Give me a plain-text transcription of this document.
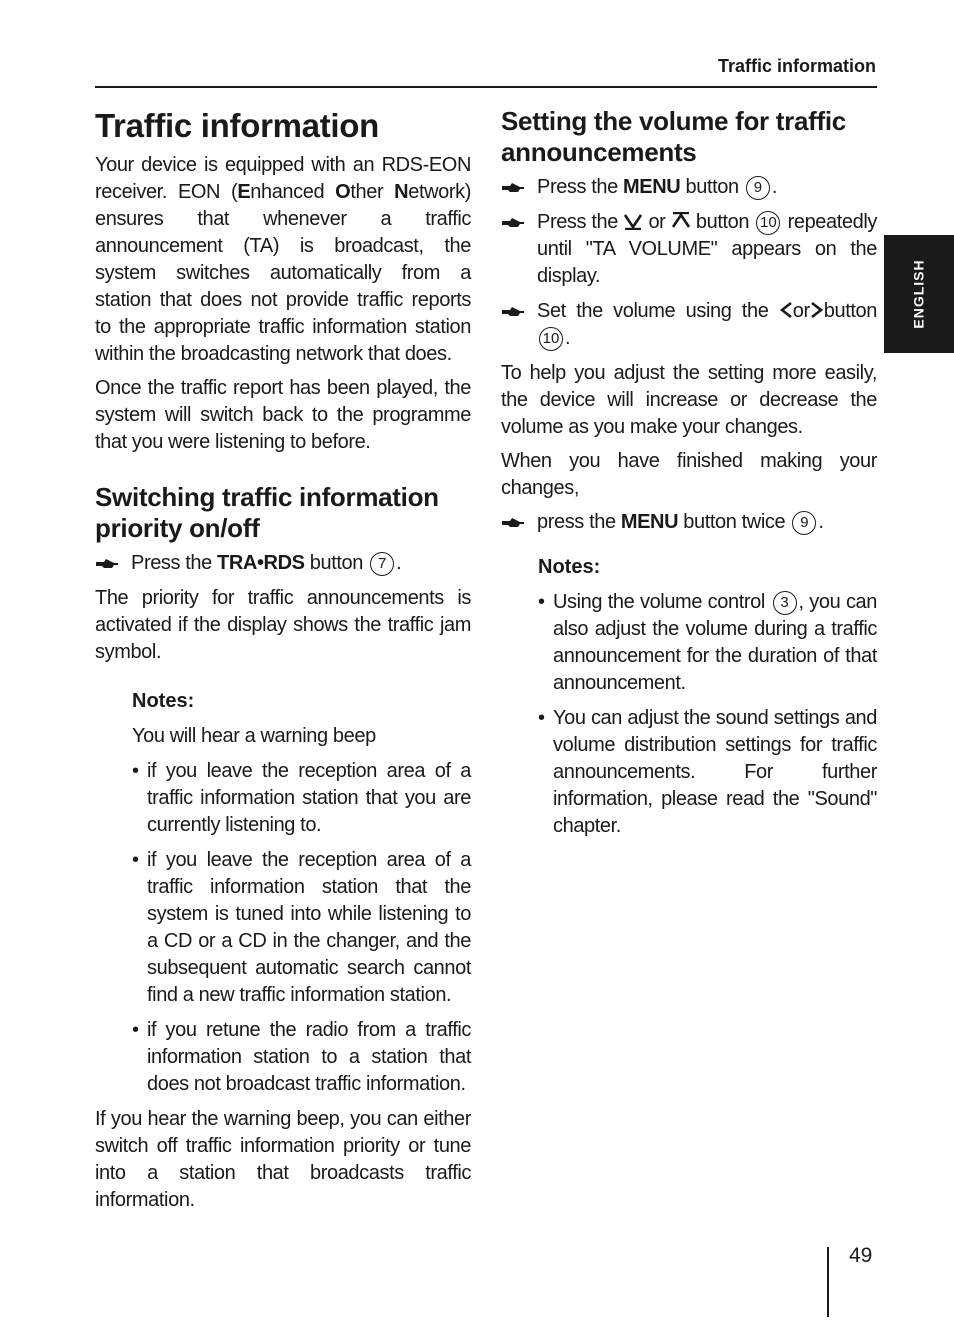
Traffic information
Traffic information

Your device is equipped with an RDS-EON receiver. EON (Enhanced Other Network) ensures that whenever a traffic announcement (TA) is broadcast, the system switches automatically from a station that does not provide traffic reports to the appropriate traffic information station within the broadcasting network that does.

Once the traffic report has been played, the system will switch back to the programme that you were listening to before.

Switching traffic information priority on/off
Press the TRA•RDS button 7 .

The priority for traffic announcements is activated if the display shows the traffic jam symbol.

Notes:
You will hear a warning beep
• if you leave the reception area of a traffic information station that you are currently listening to.
• if you leave the reception area of a traffic information station that the system is tuned into while listening to a CD or a CD in the changer, and the subsequent automatic search cannot find a new traffic information station.
• if you retune the radio from a traffic information station to a station that does not broadcast traffic information.

If you hear the warning beep, you can either switch off traffic information priority or tune into a station that broadcasts traffic information.

Setting the volume for traffic announcements
Press the MENU button 9 .
Press the  or  button 10 repeatedly until "TA VOLUME" appears on the display.
Set the volume using the or button 10 .

To help you adjust the setting more easily, the device will increase or decrease the volume as you make your changes.

When you have finished making your changes,

press the MENU button twice 9 .
Notes:
• Using the volume control 3 , you can also adjust the volume during a traffic announcement for the duration of that announcement.
• You can adjust the sound settings and volume distribution settings for traffic announcements. For further information, please read the "Sound" chapter.
ENGLISH
49
